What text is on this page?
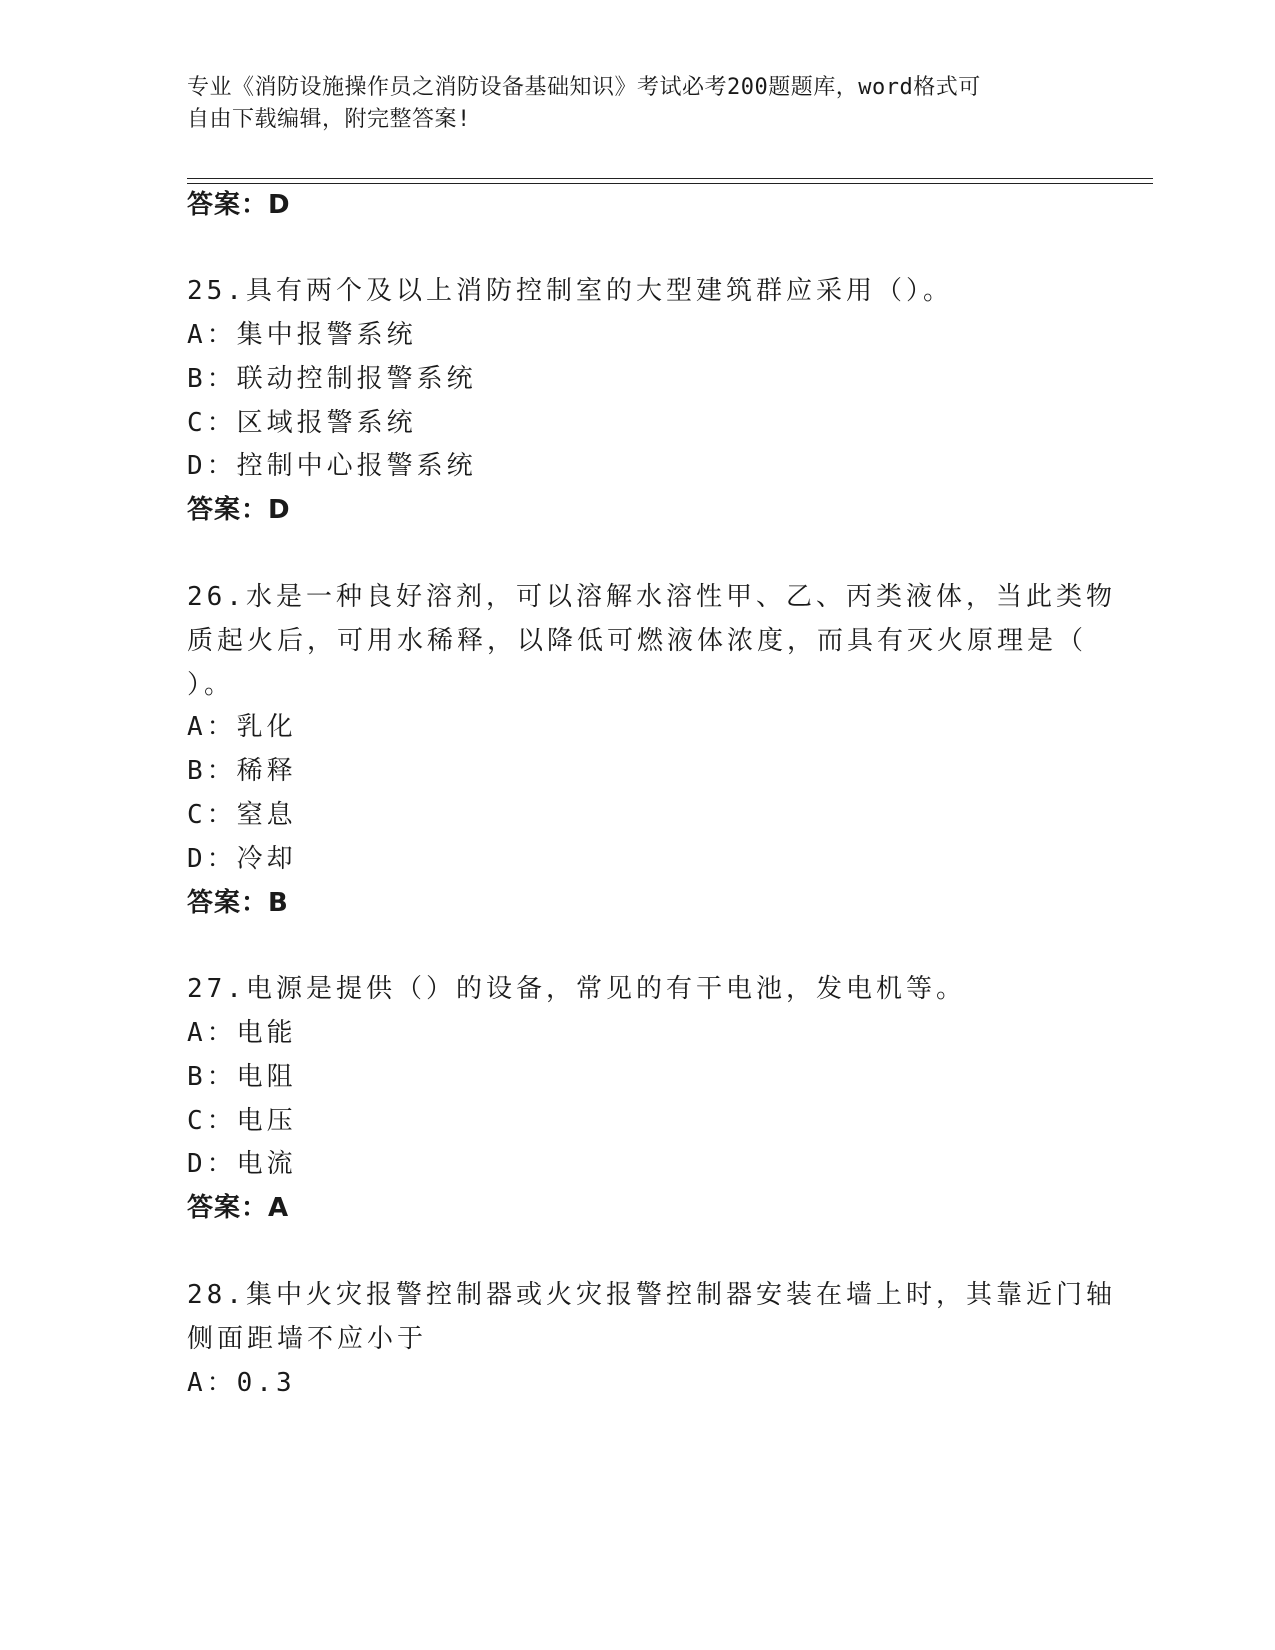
专业《消防设施操作员之消防设备基础知识》考试必考200题题库，word格式可
自由下载编辑，附完整答案!
答案：D
25.具有两个及以上消防控制室的大型建筑群应采用（）。
A：集中报警系统
B：联动控制报警系统
C：区域报警系统
D：控制中心报警系统
答案：D
26.水是一种良好溶剂，可以溶解水溶性甲、乙、丙类液体，当此类物
质起火后，可用水稀释，以降低可燃液体浓度，而具有灭火原理是（
）。
A：乳化
B：稀释
C：窒息
D：冷却
答案：B
27.电源是提供（）的设备，常见的有干电池，发电机等。
A：电能
B：电阻
C：电压
D：电流
答案：A
28.集中火灾报警控制器或火灾报警控制器安装在墙上时，其靠近门轴
侧面距墙不应小于
A：0.3
